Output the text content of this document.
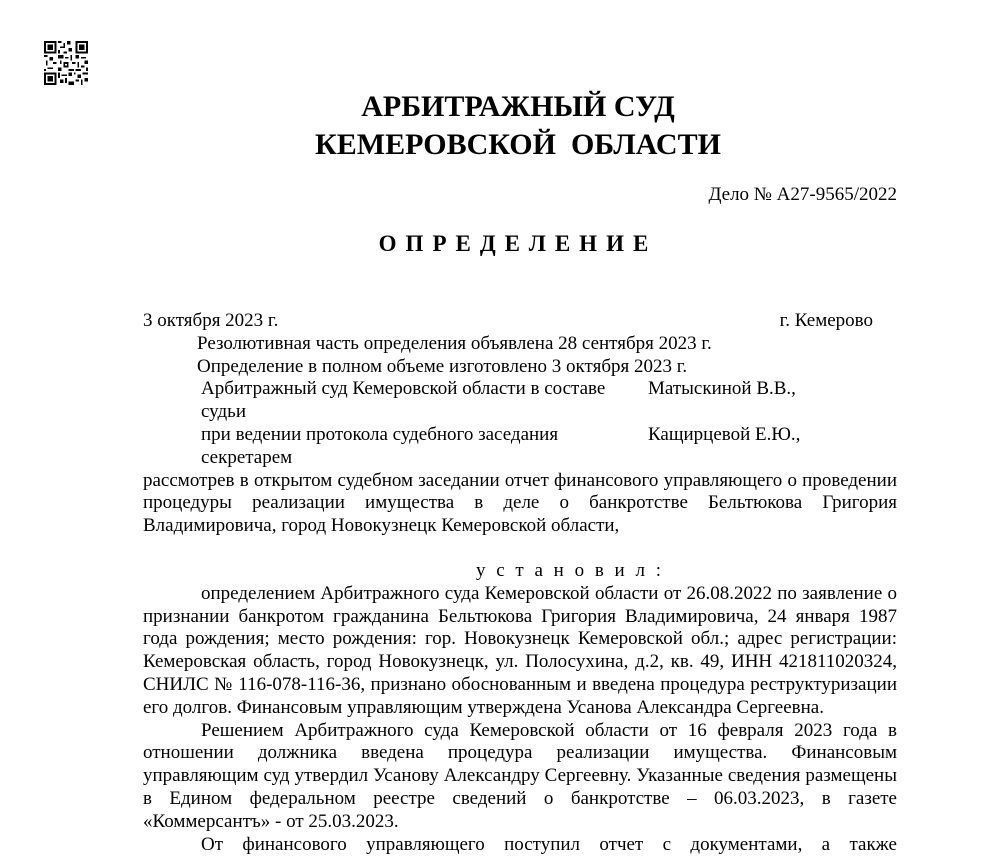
АРБИТРАЖНЫЙ СУД
КЕМЕРОВСКОЙ  ОБЛАСТИ
Дело № А27-9565/2022
ОПРЕДЕЛЕНИЕ
3 октября 2023 г.	г. Кемерово
Резолютивная часть определения объявлена 28 сентября 2023 г.
Определение в полном объеме изготовлено 3 октября 2023 г.
Арбитражный суд Кемеровской области в составе судьи
Матыскиной В.В.,
при ведении протокола судебного заседания секретарем
Кащирцевой Е.Ю.,
рассмотрев в открытом судебном заседании отчет финансового управляющего о проведении процедуры реализации имущества в деле о банкротстве Бельтюкова Григория Владимировича, город Новокузнецк Кемеровской области,
у с т а н о в и л :
определением Арбитражного суда Кемеровской области от 26.08.2022 по заявление о признании банкротом гражданина Бельтюкова Григория Владимировича, 24 января 1987 года рождения; место рождения: гор. Новокузнецк Кемеровской обл.; адрес регистрации: Кемеровская область, город Новокузнецк, ул. Полосухина, д.2, кв. 49, ИНН 421811020324, СНИЛС № 116-078-116-36, признано обоснованным и введена процедура реструктуризации его долгов. Финансовым управляющим утверждена Усанова Александра Сергеевна.
Решением Арбитражного суда Кемеровской области от 16 февраля 2023 года в отношении должника введена процедура реализации имущества. Финансовым управляющим суд утвердил Усанову Александру Сергеевну. Указанные сведения размещены в Едином федеральном реестре сведений о банкротстве – 06.03.2023, в газете «Коммерсантъ» - от 25.03.2023.
От финансового управляющего поступил отчет с документами, а также
